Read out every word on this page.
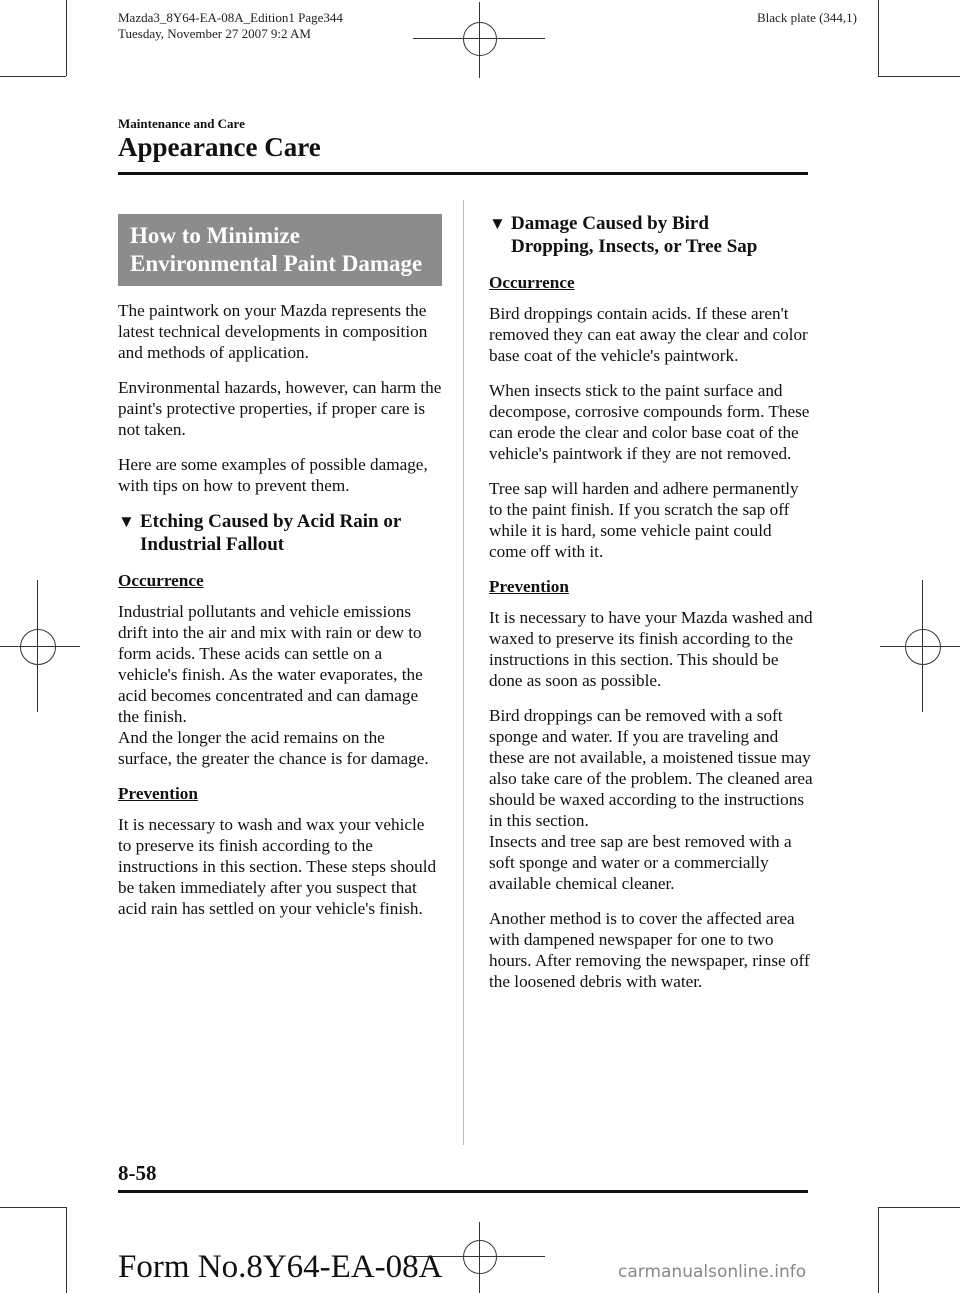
Mazda3_8Y64-EA-08A_Edition1 Page344
Tuesday, November 27 2007 9:2 AM
Black plate (344,1)
Maintenance and Care
Appearance Care
How to Minimize
Environmental Paint Damage

The paintwork on your Mazda represents the latest technical developments in composition and methods of application.

Environmental hazards, however, can harm the paint's protective properties, if proper care is not taken.

Here are some examples of possible damage, with tips on how to prevent them.

▼ Etching Caused by Acid Rain or
Industrial Fallout
Occurrence

Industrial pollutants and vehicle emissions drift into the air and mix with rain or dew to form acids. These acids can settle on a vehicle's finish. As the water evaporates, the acid becomes concentrated and can damage the finish.

And the longer the acid remains on the surface, the greater the chance is for damage.

Prevention

It is necessary to wash and wax your vehicle to preserve its finish according to the instructions in this section. These steps should be taken immediately after you suspect that acid rain has settled on your vehicle's finish.

▼ Damage Caused by Bird
Dropping, Insects, or Tree Sap
Occurrence

Bird droppings contain acids. If these aren't removed they can eat away the clear and color base coat of the vehicle's paintwork.

When insects stick to the paint surface and decompose, corrosive compounds form. These can erode the clear and color base coat of the vehicle's paintwork if they are not removed.

Tree sap will harden and adhere permanently to the paint finish. If you scratch the sap off while it is hard, some vehicle paint could come off with it.

Prevention

It is necessary to have your Mazda washed and waxed to preserve its finish according to the instructions in this section. This should be done as soon as possible.

Bird droppings can be removed with a soft sponge and water. If you are traveling and these are not available, a moistened tissue may also take care of the problem. The cleaned area should be waxed according to the instructions in this section.

Insects and tree sap are best removed with a soft sponge and water or a commercially available chemical cleaner.

Another method is to cover the affected area with dampened newspaper for one to two hours. After removing the newspaper, rinse off the loosened debris with water.

8-58
Form No.8Y64-EA-08A	carmanualsonline.info
